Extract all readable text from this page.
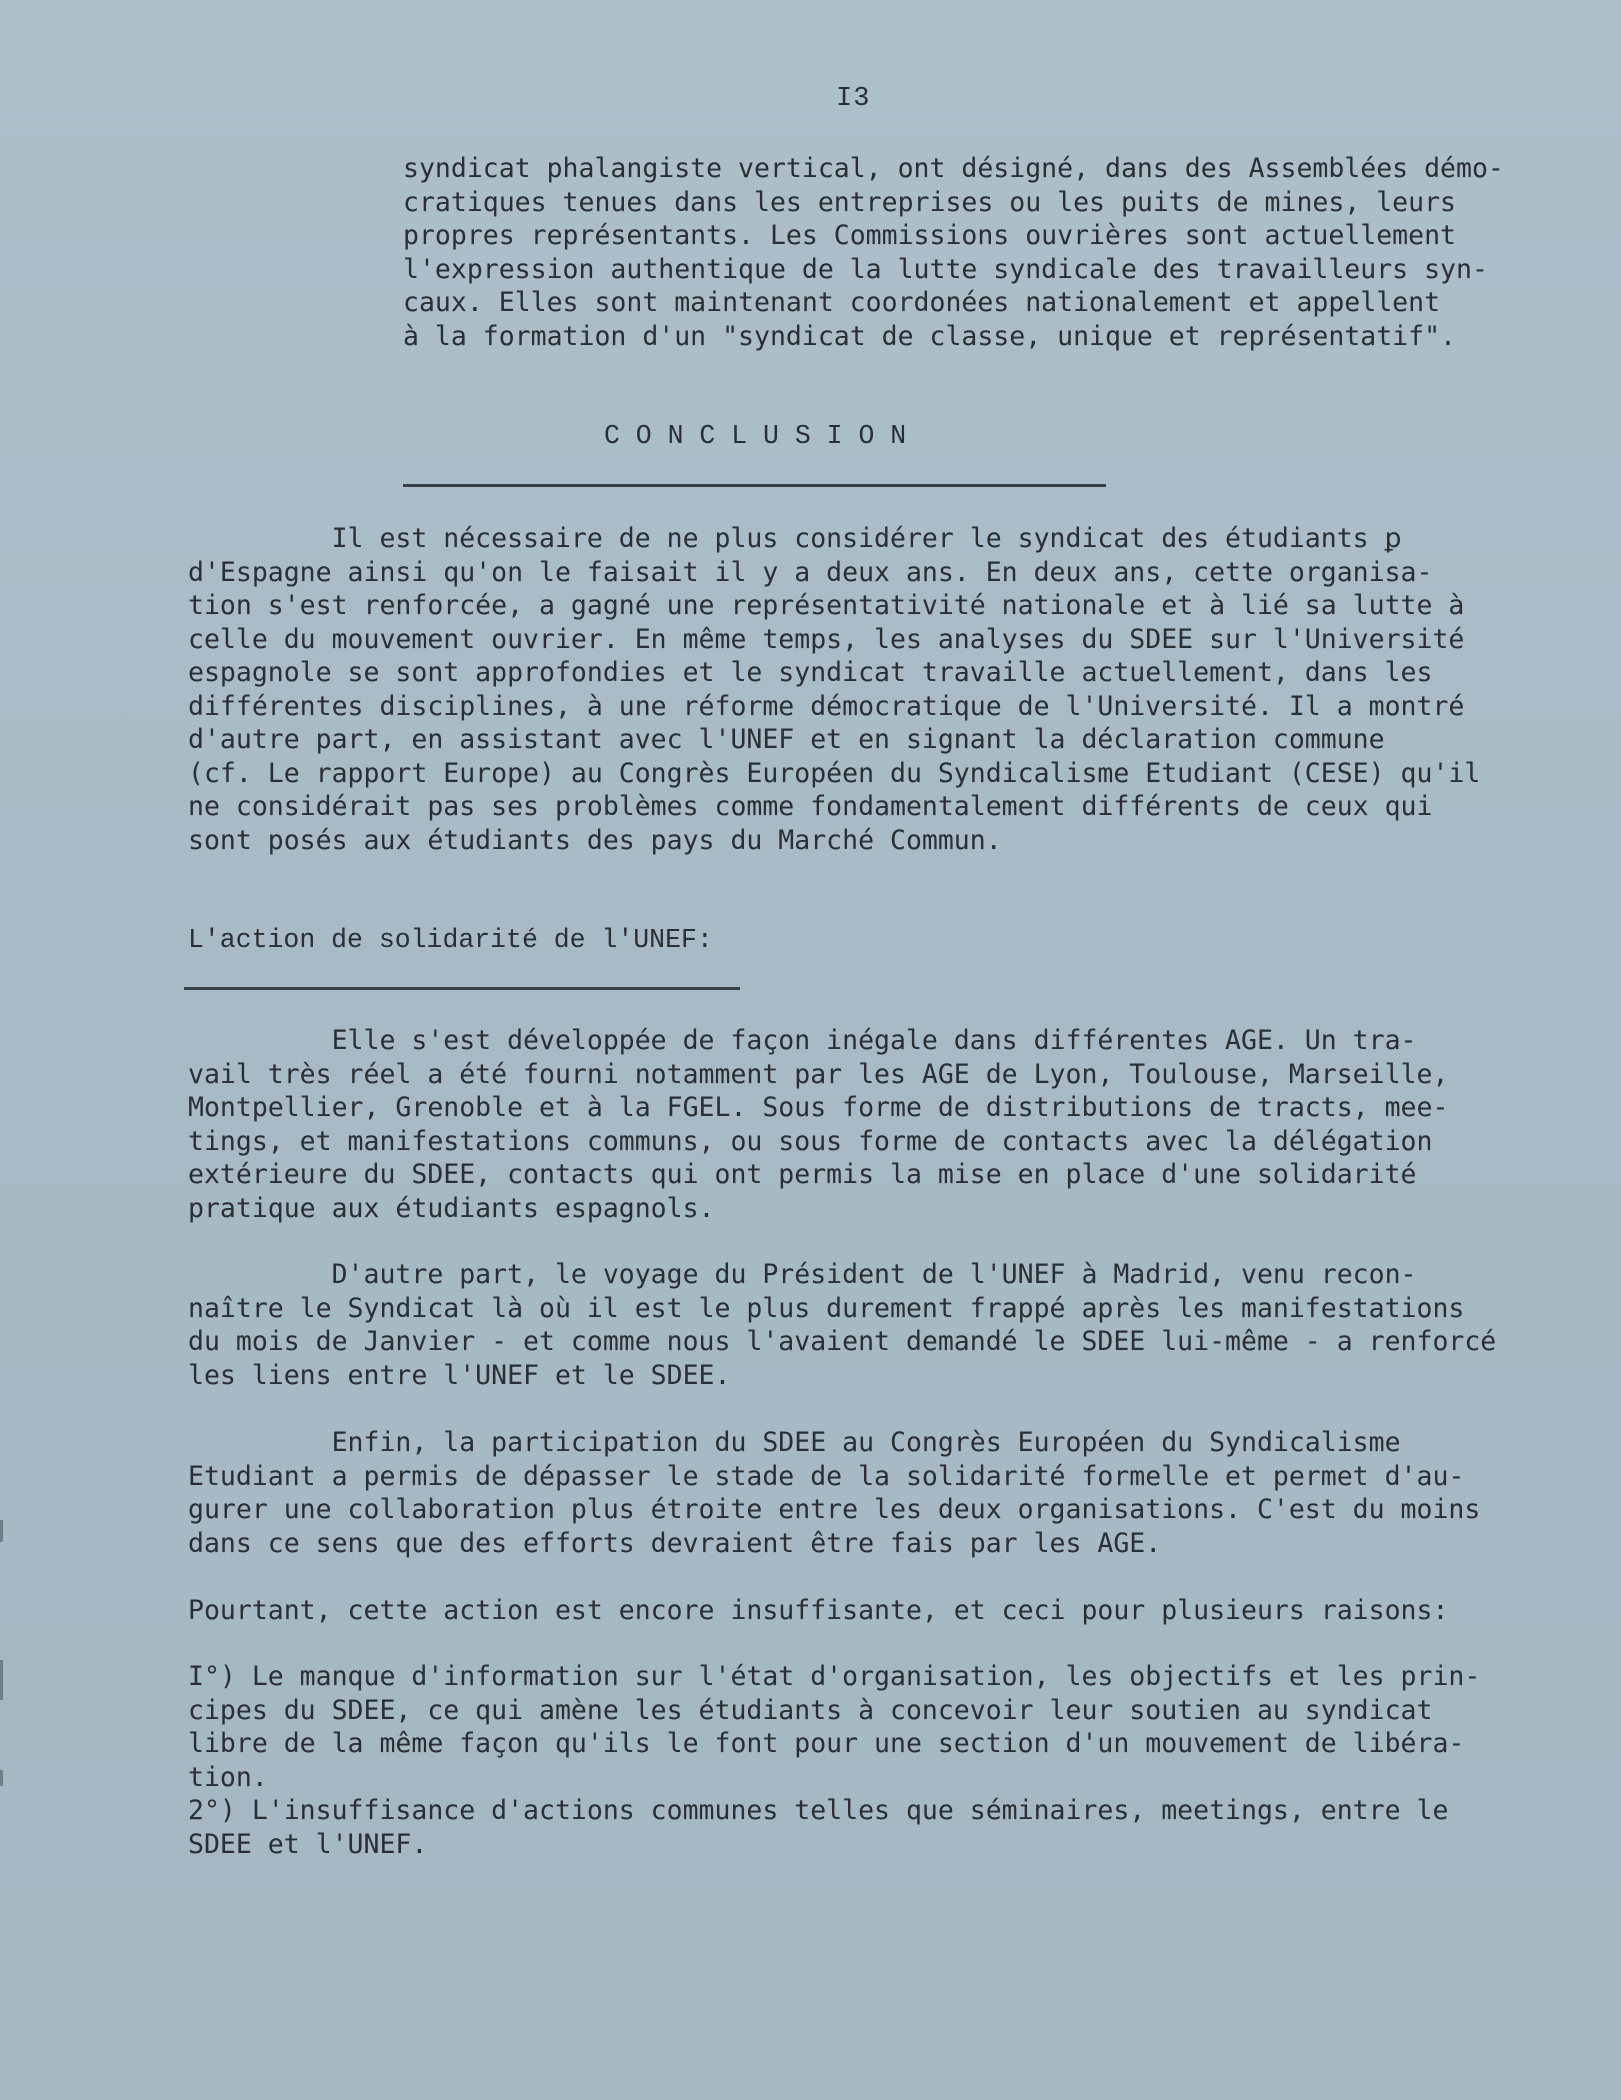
I3
syndicat phalangiste vertical, ont désigné, dans des Assemblées démo-
cratiques tenues dans les entreprises ou les puits de mines, leurs
propres représentants. Les Commissions ouvrières sont actuellement
l'expression authentique de la lutte syndicale des travailleurs syn-
caux. Elles sont maintenant coordonées nationalement et appellent
à la formation d'un "syndicat de classe, unique et représentatif".
C O N C L U S I O N
Il est nécessaire de ne plus considérer le syndicat des étudiants ꝑ
d'Espagne ainsi qu'on le faisait il y a deux ans. En deux ans, cette organisa-
tion s'est renforcée, a gagné une représentativité nationale et à lié sa lutte à
celle du mouvement ouvrier. En même temps, les analyses du SDEE sur l'Université
espagnole se sont approfondies et le syndicat travaille actuellement, dans les
différentes disciplines, à une réforme démocratique de l'Université. Il a montré
d'autre part, en assistant avec l'UNEF et en signant la déclaration commune
(cf. Le rapport Europe) au Congrès Européen du Syndicalisme Etudiant (CESE) qu'il
ne considérait pas ses problèmes comme fondamentalement différents de ceux qui
sont posés aux étudiants des pays du Marché Commun.
L'action de solidarité de l'UNEF:
Elle s'est développée de façon inégale dans différentes AGE. Un tra-
vail très réel a été fourni notamment par les AGE de Lyon, Toulouse, Marseille,
Montpellier, Grenoble et à la FGEL. Sous forme de distributions de tracts, mee-
tings, et manifestations communs, ou sous forme de contacts avec la délégation
extérieure du SDEE, contacts qui ont permis la mise en place d'une solidarité
pratique aux étudiants espagnols.
D'autre part, le voyage du Président de l'UNEF à Madrid, venu recon-
naître le Syndicat là où il est le plus durement frappé après les manifestations
du mois de Janvier - et comme nous l'avaient demandé le SDEE lui-même - a renforcé
les liens entre l'UNEF et le SDEE.
Enfin, la participation du SDEE au Congrès Européen du Syndicalisme
Etudiant a permis de dépasser le stade de la solidarité formelle et permet d'au-
gurer une collaboration plus étroite entre les deux organisations. C'est du moins
dans ce sens que des efforts devraient être fais par les AGE.
Pourtant, cette action est encore insuffisante, et ceci pour plusieurs raisons:
I°) Le manque d'information sur l'état d'organisation, les objectifs et les prin-
cipes du SDEE, ce qui amène les étudiants à concevoir leur soutien au syndicat
libre de la même façon qu'ils le font pour une section d'un mouvement de libéra-
tion.
2°) L'insuffisance d'actions communes telles que séminaires, meetings, entre le
SDEE et l'UNEF.
